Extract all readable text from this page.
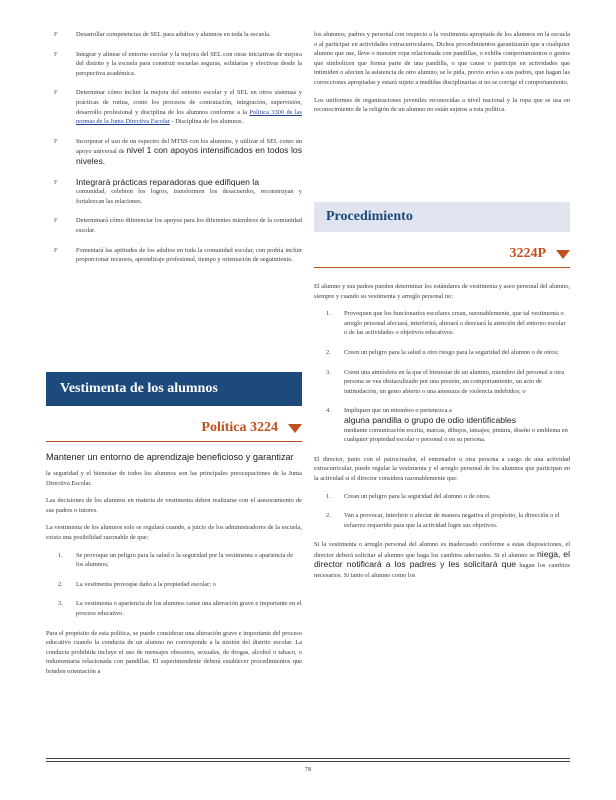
F	Desarrollar competencias de SEL para adultos y alumnos en toda la escuela.
F	Integrar y alinear el entorno escolar y la mejora del SEL con otras iniciativas de mejora del distrito y la escuela para construir escuelas seguras, solidarias y efectivas desde la perspectiva académica.
F	Determinar cómo incluir la mejora del entorno escolar y el SEL en otros sistemas y prácticas de rutina, como los procesos de contratación, integración, supervisión, desarrollo profesional y disciplina de los alumnos conforme a la Política 3300 de las normas de la Junta Directiva Escolar - Disciplina de los alumnos.
F	Incorporar el uso de un espectro del MTSS con los alumnos, y utilizar el SEL como un apoyo universal de nivel 1 con apoyos intensificados en todos los niveles.
F Integrará prácticas reparadoras que edifiquen la
comunidad, celebren los logros, transformen los desacuerdos, reconstruyan y fortalezcan las relaciones.
F	Determinará cómo diferenciar los apoyos para los diferentes miembros de la comunidad escolar.
F	Fomentará las aptitudes de los adultos en toda la comunidad escolar, con podría incluir proporcionar recursos, aprendizaje profesional, tiempo y orientación de seguimiento.
Vestimenta de los alumnos
Política 3224

Mantener un entorno de aprendizaje beneficioso y garantizar

la seguridad y el bienestar de todos los alumnos son las principales preocupaciones de la Junta Directiva Escolar.

Las decisiones de los alumnos en materia de vestimenta deben realizarse con el asesoramiento de sus padres o tutores.

La vestimenta de los alumnos solo se regulará cuando, a juicio de los administradores de la escuela, exista una posibilidad razonable de que:

1. Se provoque un peligro para la salud o la seguridad por la vestimenta o apariencia de los alumnos;
2. La vestimenta provoque daño a la propiedad escolar; o
3. La vestimenta o apariencia de los alumnos cause una alteración grave e importante en el proceso educativo.

Para el propósito de esta política, se puede considerar una alteración grave e importante del proceso educativo cuando la conducta de un alumno no corresponde a la misión del distrito escolar. La conducta prohibida incluye el uso de mensajes obscenos, sexuales, de drogas, alcohol o tabaco, o indumentaria relacionada con pandillas. El superintendente deberá establecer procedimientos que brinden orientación a

los alumnos, padres y personal con respecto a la vestimenta apropiada de los alumnos en la escuela o al participar en actividades extracurriculares. Dichos procedimientos garantizarán que a cualquier alumno que use, lleve o muestre ropa relacionada con pandillas, o exhiba comportamientos o gestos que simbolicen que forma parte de una pandilla, o que cause o participe en actividades que intimiden o afecten la asistencia de otro alumno, se le pida, previo aviso a sus padres, que hagan las correcciones apropiadas y estará sujeto a medidas disciplinarias si no se corrige el comportamiento.

Los uniformes de organizaciones juveniles reconocidas a nivel nacional y la ropa que se usa en reconocimiento de la religión de un alumno no están sujetos a esta política.

Procedimiento
3224P

El alumno y sus padres pueden determinar los estándares de vestimenta y aseo personal del alumno, siempre y cuando su vestimenta y arreglo personal no:

1. Provoquen que los funcionarios escolares crean, razonablemente, que tal vestimenta o arreglo personal afectará, interferirá, alterará o desviará la atención del entorno escolar o de las actividades o objetivos educativos.
2. Creen un peligro para la salud u otro riesgo para la seguridad del alumno o de otros;
3. Creen una atmósfera en la que el bienestar de un alumno, miembro del personal u otra persona se vea obstaculizado por una presión, un comportamiento, un acto de intimidación, un gesto abierto o una amenaza de violencia indebidos; o
4. Impliquen que un miembro o pertenezca a
alguna pandilla o grupo de odio identificables
mediante comunicación escrita, marcas, dibujos, tatuajes, pintura, diseño o emblema en cualquier propiedad escolar o personal o en su persona.

El director, junto con el patrocinador, el entrenador u otra persona a cargo de una actividad extracurricular, puede regular la vestimenta y el arreglo personal de los alumnos que participan en la actividad si el director considera razonablemente que:

1. Crean un peligro para la seguridad del alumno o de otros.
2. Van a provocar, interferir o afectar de manera negativa el propósito, la dirección o el esfuerzo requerido para que la actividad logre sus objetivos.

Si la vestimenta o arreglo personal del alumno es inadecuado conforme a estas disposiciones, el director deberá solicitar al alumno que haga los cambios adecuados. Si el alumno se niega, el director notificará a los padres y les solicitará que hagan los cambios necesarios. Si tanto el alumno como los

78
